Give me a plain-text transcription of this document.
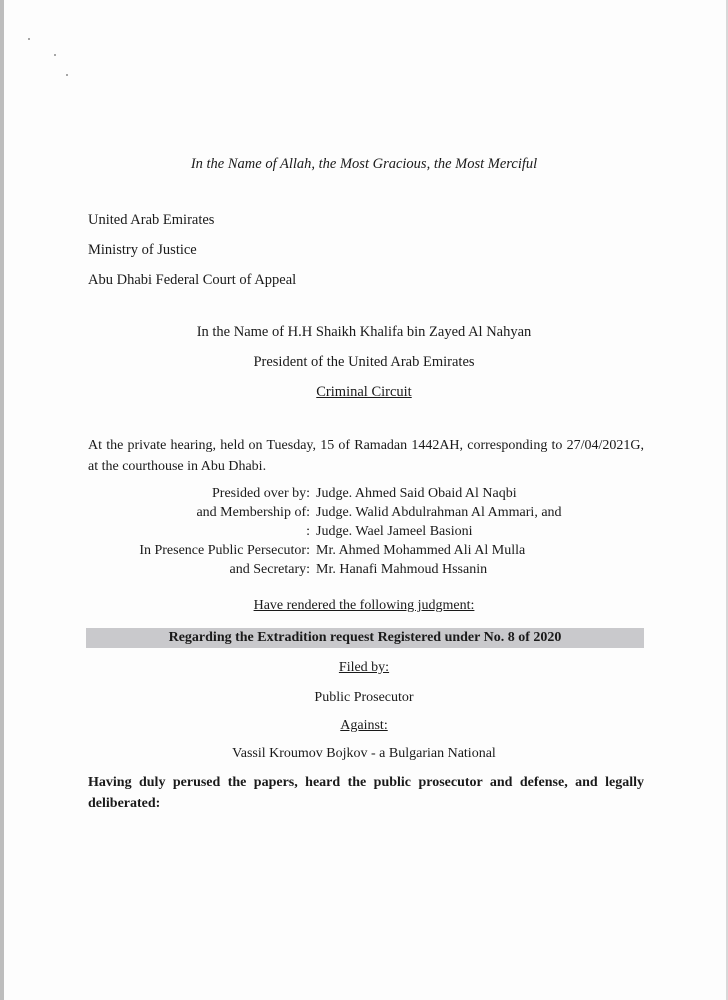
In the Name of Allah, the Most Gracious, the Most Merciful
United Arab Emirates
Ministry of Justice
Abu Dhabi Federal Court of Appeal
In the Name of H.H Shaikh Khalifa bin Zayed Al Nahyan
President of the United Arab Emirates
Criminal Circuit
At the private hearing, held on Tuesday, 15 of Ramadan 1442AH, corresponding to 27/04/2021G, at the courthouse in Abu Dhabi.
Presided over by: Judge. Ahmed Said Obaid Al Naqbi
and Membership of: Judge. Walid Abdulrahman Al Ammari, and
: Judge. Wael Jameel Basioni
In Presence Public Persecutor: Mr. Ahmed Mohammed Ali Al Mulla
and Secretary: Mr. Hanafi Mahmoud Hssanin
Have rendered the following judgment:
Regarding the Extradition request Registered under No. 8 of 2020
Filed by:
Public Prosecutor
Against:
Vassil Kroumov Bojkov - a Bulgarian National
Having duly perused the papers, heard the public prosecutor and defense, and legally deliberated:
